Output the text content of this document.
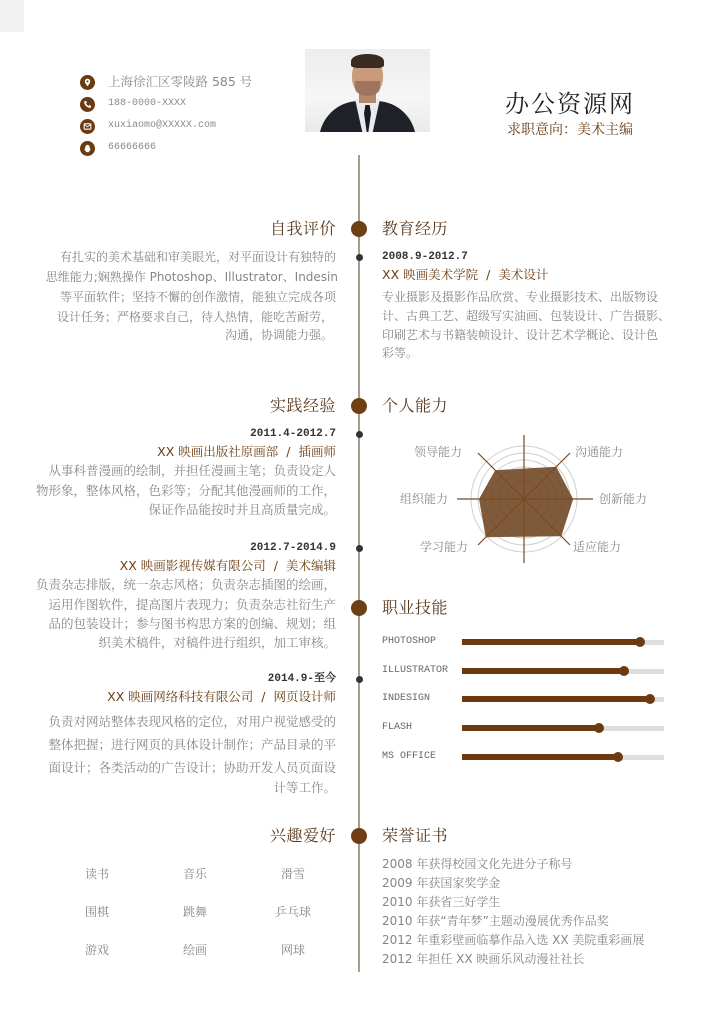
上海徐汇区零陵路 585 号
188-0000-XXXX
xuxiaomo@XXXXX.com
66666666
办公资源网
求职意向：美术主编
自我评价
有扎实的美术基础和审美眼光，对平面设计有独特的
思维能力;娴熟操作 Photoshop、Illustrator、Indesin
等平面软件；坚持不懈的创作激情，能独立完成各项
设计任务；严格要求自己，待人热情，能吃苦耐劳，
沟通，协调能力强。
教育经历
2008.9-2012.7
XX 映画美术学院 / 美术设计
专业摄影及摄影作品欣赏、专业摄影技术、出版物设
计、古典工艺、超级写实油画、包装设计、广告摄影、
印刷艺术与书籍装帧设计、设计艺术学概论、设计色
彩等。
实践经验
2011.4-2012.7
XX 映画出版社原画部 / 插画师
从事科普漫画的绘制，并担任漫画主笔；负责设定人
物形象，整体风格，色彩等；分配其他漫画师的工作，
保证作品能按时并且高质量完成。
2012.7-2014.9
XX 映画影视传媒有限公司 / 美术编辑
负责杂志排版，统一杂志风格；负责杂志插图的绘画，
运用作图软件，提高图片表现力；负责杂志社衍生产
品的包装设计；参与图书构思方案的创编、规划；组
织美术稿件，对稿件进行组织，加工审核。
2014.9-至今
XX 映画网络科技有限公司 / 网页设计师
负责对网站整体表现风格的定位，对用户视觉感受的
整体把握；进行网页的具体设计制作；产品目录的平
面设计；各类活动的广告设计；协助开发人员页面设
计等工作。
个人能力
领导能力	沟通能力
组织能力	创新能力
学习能力	适应能力
职业技能
PHOTOSHOP
ILLUSTRATOR
INDESIGN
FLASH
MS OFFICE
兴趣爱好
读书	音乐	滑雪
围棋	跳舞	乒乓球
游戏	绘画	网球
荣誉证书
2008 年获得校园文化先进分子称号
2009 年获国家奖学金
2010 年获省三好学生
2010 年获“青年梦”主题动漫展优秀作品奖
2012 年重彩壁画临摹作品入选 XX 美院重彩画展
2012 年担任 XX 映画乐风动漫社社长
